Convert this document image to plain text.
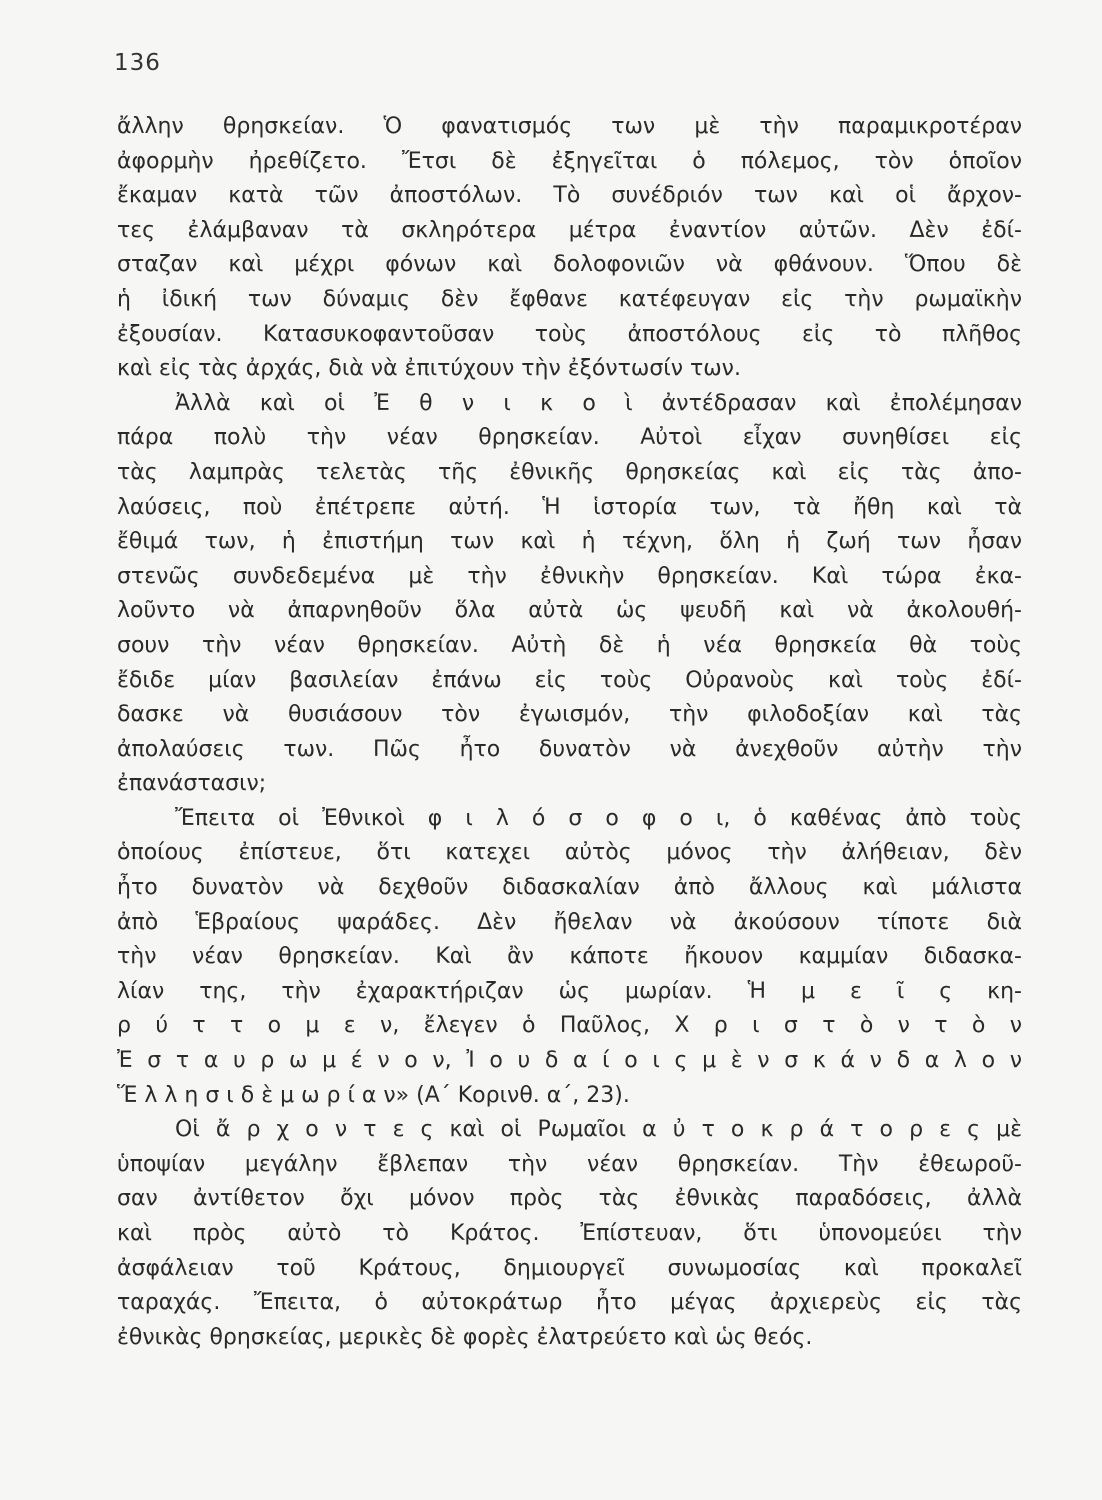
136
ἄλλην θρησκείαν. Ὁ φανατισμός των μὲ τὴν παραμικροτέραν
ἀφορμὴν ἠρεθίζετο. Ἔτσι δὲ ἐξηγεῖται ὁ πόλεμος, τὸν ὁποῖον
ἔκαμαν κατὰ τῶν ἀποστόλων. Τὸ συνέδριόν των καὶ οἱ ἄρχον-
τες ἐλάμβαναν τὰ σκληρότερα μέτρα ἐναντίον αὐτῶν. Δὲν ἐδί-
σταζαν καὶ μέχρι φόνων καὶ δολοφονιῶν νὰ φθάνουν. Ὅπου δὲ
ἡ ἰδική των δύναμις δὲν ἔφθανε κατέφευγαν εἰς τὴν ρωμαϊκὴν
ἐξουσίαν. Κατασυκοφαντοῦσαν τοὺς ἀποστόλους εἰς τὸ πλῆθος
καὶ εἰς τὰς ἀρχάς, διὰ νὰ ἐπιτύχουν τὴν ἐξόντωσίν των.
Ἀλλὰ καὶ οἱ Ἐ θ ν ι κ ο ὶ ἀντέδρασαν καὶ ἐπολέμησαν
πάρα πολὺ τὴν νέαν θρησκείαν. Αὐτοὶ εἶχαν συνηθίσει εἰς
τὰς λαμπρὰς τελετὰς τῆς ἐθνικῆς θρησκείας καὶ εἰς τὰς ἀπο-
λαύσεις, ποὺ ἐπέτρεπε αὐτή. Ἡ ἱστορία των, τὰ ἤθη καὶ τὰ
ἔθιμά των, ἡ ἐπιστήμη των καὶ ἡ τέχνη, ὅλη ἡ ζωή των ἦσαν
στενῶς συνδεδεμένα μὲ τὴν ἐθνικὴν θρησκείαν. Καὶ τώρα ἐκα-
λοῦντο νὰ ἀπαρνηθοῦν ὅλα αὐτὰ ὡς ψευδῆ καὶ νὰ ἀκολουθή-
σουν τὴν νέαν θρησκείαν. Αὐτὴ δὲ ἡ νέα θρησκεία θὰ τοὺς
ἔδιδε μίαν βασιλείαν ἐπάνω εἰς τοὺς Οὐρανοὺς καὶ τοὺς ἐδί-
δασκε νὰ θυσιάσουν τὸν ἐγωισμόν, τὴν φιλοδοξίαν καὶ τὰς
ἀπολαύσεις των. Πῶς ἦτο δυνατὸν νὰ ἀνεχθοῦν αὐτὴν τὴν
ἐπανάστασιν;
Ἔπειτα οἱ Ἐθνικοὶ φ ι λ ό σ ο φ ο ι, ὁ καθένας ἀπὸ τοὺς
ὁποίους ἐπίστευε, ὅτι κατεχει αὐτὸς μόνος τὴν ἀλήθειαν, δὲν
ἦτο δυνατὸν νὰ δεχθοῦν διδασκαλίαν ἀπὸ ἄλλους καὶ μάλιστα
ἀπὸ Ἑβραίους ψαράδες. Δὲν ἤθελαν νὰ ἀκούσουν τίποτε διὰ
τὴν νέαν θρησκείαν. Καὶ ἂν κάποτε ἤκουον καμμίαν διδασκα-
λίαν της, τὴν ἐχαρακτήριζαν ὡς μωρίαν. Ἡ μ ε ῖ ς κη-
ρ ύ τ τ ο μ ε ν, ἔλεγεν ὁ Παῦλος, Χ ρ ι σ τ ὸ ν τ ὸ ν
Ἐ σ τ α υ ρ ω μ έ ν ο ν, Ἰ ο υ δ α ί ο ι ς μ ὲ ν σ κ ά ν δ α λ ο ν
Ἕ λ λ η σ ι δ ὲ μ ω ρ ί α ν» (Α΄ Κορινθ. α΄, 23).
Οἱ ἄ ρ χ ο ν τ ε ς καὶ οἱ Ρωμαῖοι α ὐ τ ο κ ρ ά τ ο ρ ε ς μὲ
ὑποψίαν μεγάλην ἔβλεπαν τὴν νέαν θρησκείαν. Τὴν ἐθεωροῦ-
σαν ἀντίθετον ὄχι μόνον πρὸς τὰς ἐθνικὰς παραδόσεις, ἀλλὰ
καὶ πρὸς αὐτὸ τὸ Κράτος. Ἐπίστευαν, ὅτι ὑπονομεύει τὴν
ἀσφάλειαν τοῦ Κράτους, δημιουργεῖ συνωμοσίας καὶ προκαλεῖ
ταραχάς. Ἔπειτα, ὁ αὐτοκράτωρ ἦτο μέγας ἀρχιερεὺς εἰς τὰς
ἐθνικὰς θρησκείας, μερικὲς δὲ φορὲς ἐλατρεύετο καὶ ὡς θεός.
